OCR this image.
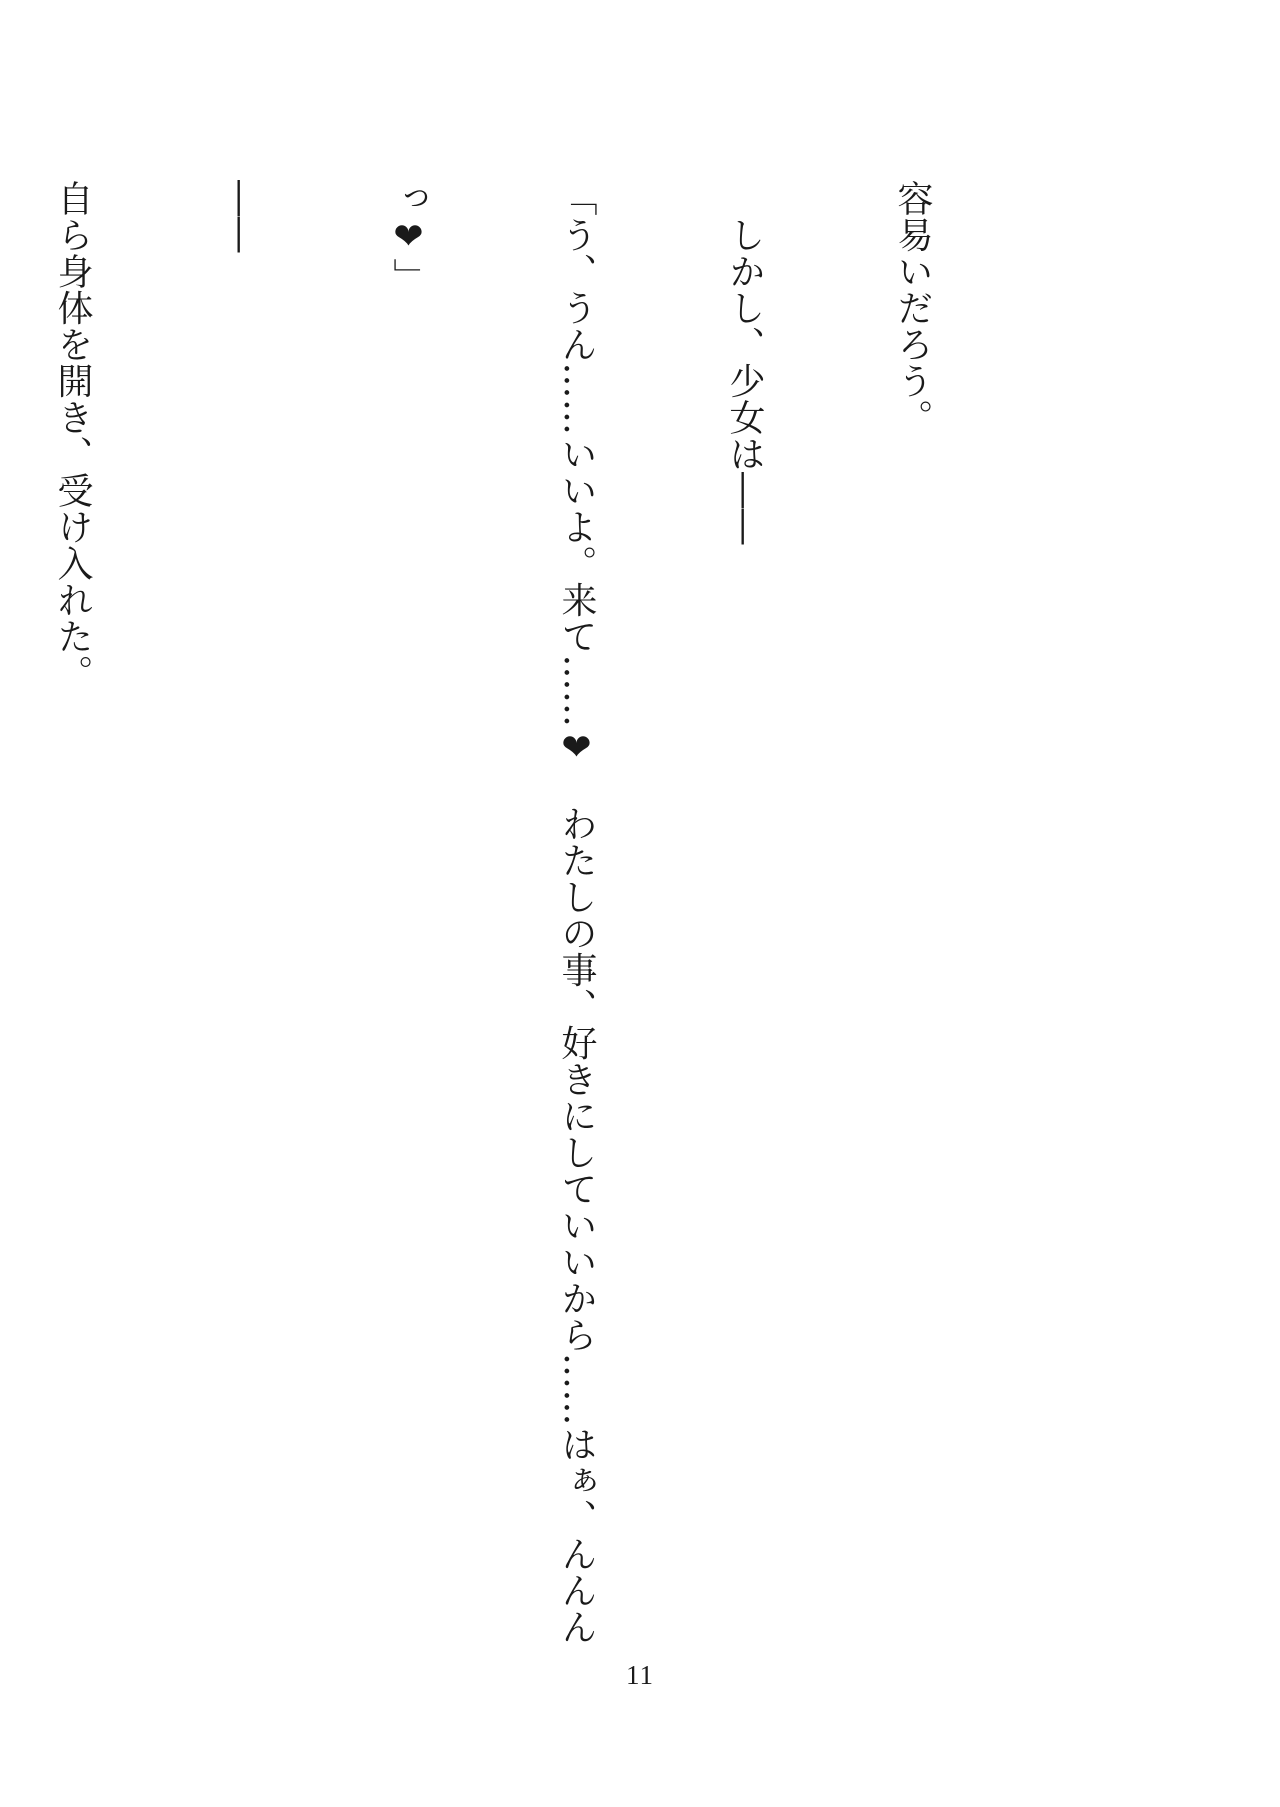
容易いだろう。

　しかし、少女は――

「う、うん……いいよ。来て……❤　わたしの事、好きにしていいから……はぁ、んんん

っ❤」

――

自ら身体を開き、受け入れた。

11
